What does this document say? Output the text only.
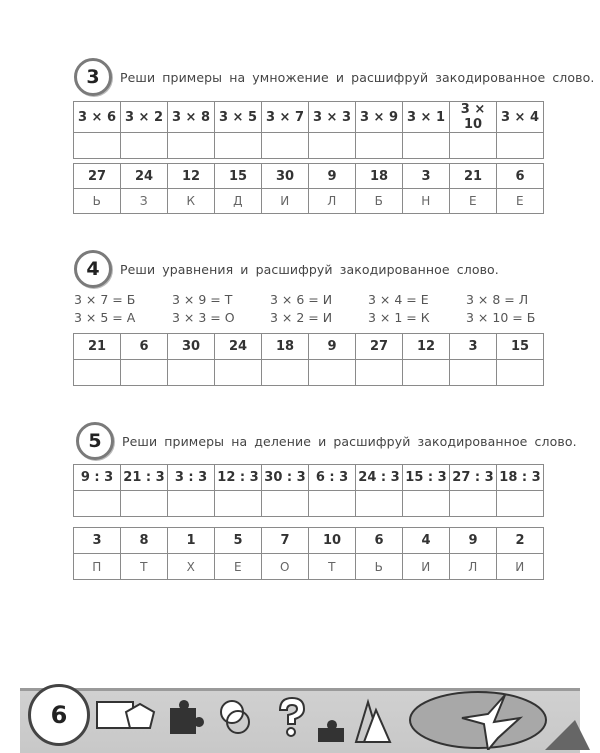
3	Реши примеры на умножение и расшифруй закодированное слово.
3 × 6	3 × 2	3 × 8	3 × 5	3 × 7	3 × 3	3 × 9	3 × 1	3 × 10	3 × 4

27	24	12	15	30	9	18	3	21	6
Ь	З	К	Д	И	Л	Б	Н	Е	Е
4	Реши уравнения и расшифруй закодированное слово.
3 × 7 = Б	3 × 9 = Т	3 × 6 = И	3 × 4 = Е	3 × 8 = Л
3 × 5 = А	3 × 3 = О	3 × 2 = И	3 × 1 = К	3 × 10 = Б
21	6	30	24	18	9	27	12	3	15

5	Реши примеры на деление и расшифруй закодированное слово.
9 : 3	21 : 3	3 : 3	12 : 3	30 : 3	6 : 3	24 : 3	15 : 3	27 : 3	18 : 3

3	8	1	5	7	10	6	4	9	2
П	Т	Х	Е	О	Т	Ь	И	Л	И
6
